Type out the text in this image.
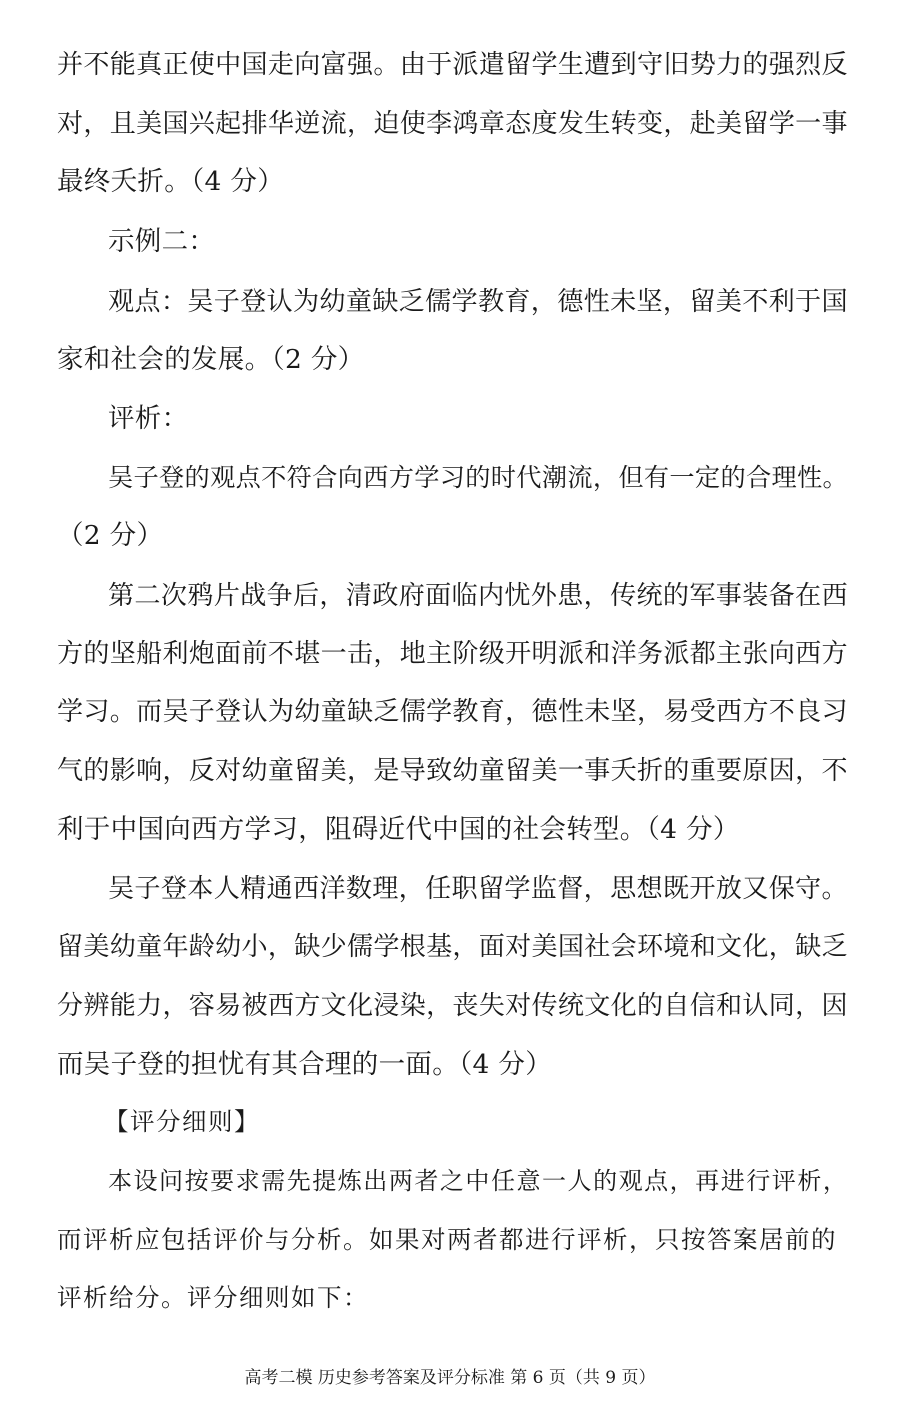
并不能真正使中国走向富强。由于派遣留学生遭到守旧势力的强烈反
对，且美国兴起排华逆流，迫使李鸿章态度发生转变，赴美留学一事
最终夭折。（4 分）
示例二：
观点：吴子登认为幼童缺乏儒学教育，德性未坚，留美不利于国
家和社会的发展。（2 分）
评析：
吴子登的观点不符合向西方学习的时代潮流，但有一定的合理性。
（2 分）
第二次鸦片战争后，清政府面临内忧外患，传统的军事装备在西
方的坚船利炮面前不堪一击，地主阶级开明派和洋务派都主张向西方
学习。而吴子登认为幼童缺乏儒学教育，德性未坚，易受西方不良习
气的影响，反对幼童留美，是导致幼童留美一事夭折的重要原因，不
利于中国向西方学习，阻碍近代中国的社会转型。（4 分）
吴子登本人精通西洋数理，任职留学监督，思想既开放又保守。
留美幼童年龄幼小，缺少儒学根基，面对美国社会环境和文化，缺乏
分辨能力，容易被西方文化浸染，丧失对传统文化的自信和认同，因
而吴子登的担忧有其合理的一面。（4 分）
【评分细则】
本设问按要求需先提炼出两者之中任意一人的观点，再进行评析，
而评析应包括评价与分析。如果对两者都进行评析，只按答案居前的
评析给分。评分细则如下：
高考二模 历史参考答案及评分标准 第 6 页（共 9 页）
